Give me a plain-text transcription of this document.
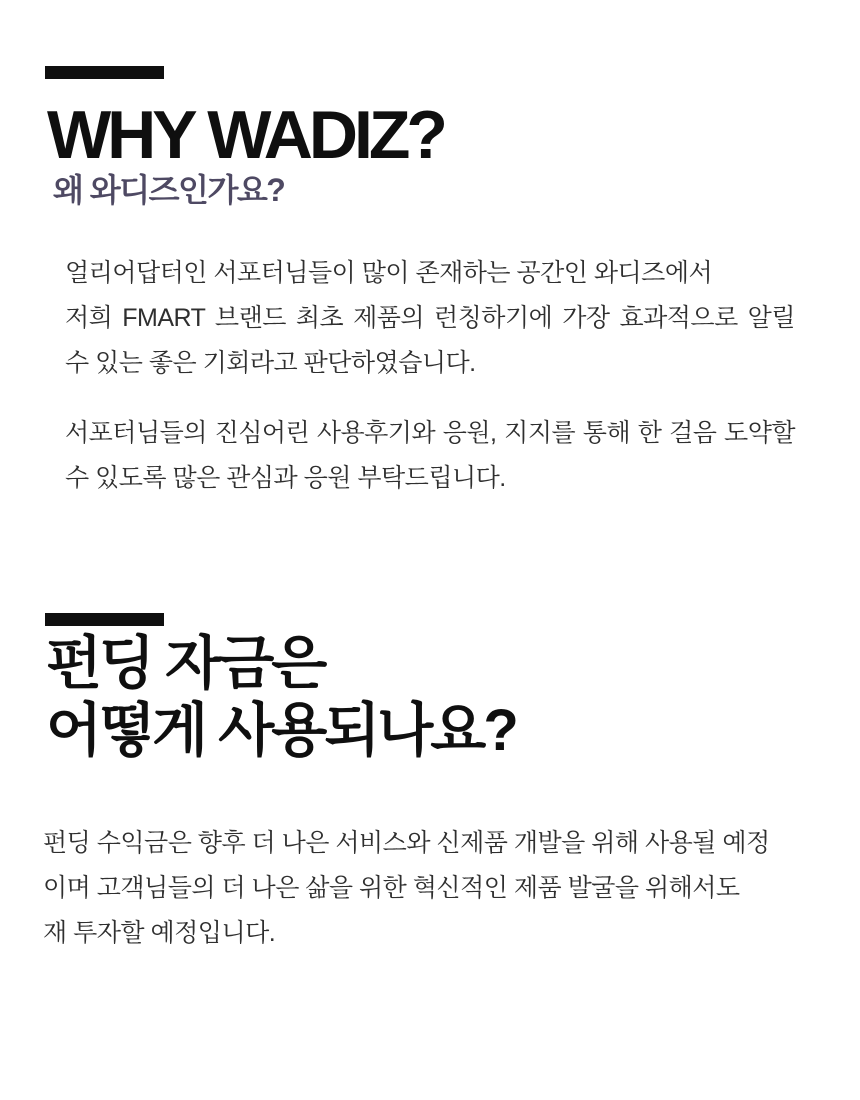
WHY WADIZ?
왜 와디즈인가요?
얼리어답터인 서포터님들이 많이 존재하는 공간인 와디즈에서
저희 FMART 브랜드 최초 제품의 런칭하기에 가장 효과적으로 알릴
수 있는 좋은 기회라고 판단하였습니다.
서포터님들의 진심어린 사용후기와 응원, 지지를 통해 한 걸음 도약할
수 있도록 많은 관심과 응원 부탁드립니다.
펀딩 자금은
어떻게 사용되나요?
펀딩 수익금은 향후 더 나은 서비스와 신제품 개발을 위해 사용될 예정
이며 고객님들의 더 나은 삶을 위한 혁신적인 제품 발굴을 위해서도
재 투자할 예정입니다.
